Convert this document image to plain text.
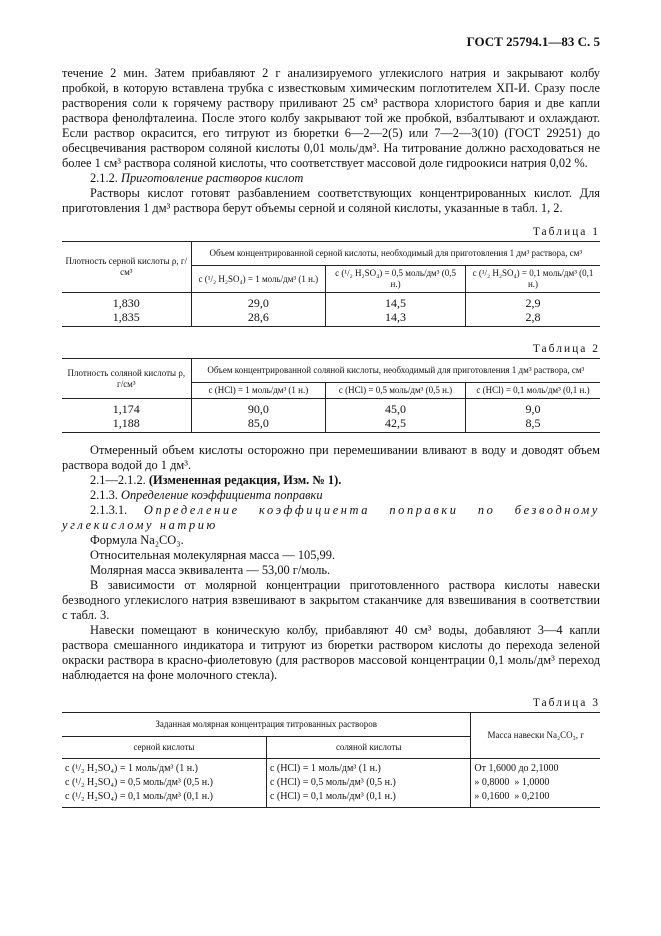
ГОСТ 25794.1—83 С. 5

течение 2 мин. Затем прибавляют 2 г анализируемого углекислого натрия и закрывают колбу пробкой, в которую вставлена трубка с известковым химическим поглотителем ХП-И. Сразу после растворения соли к горячему раствору приливают 25 см³ раствора хлористого бария и две капли раствора фенолфталеина. После этого колбу закрывают той же пробкой, взбалтывают и охлаждают. Если раствор окрасится, его титруют из бюретки 6—2—2(5) или 7—2—3(10) (ГОСТ 29251) до обесцвечивания раствором соляной кислоты 0,01 моль/дм³. На титрование должно расходоваться не более 1 см³ раствора соляной кислоты, что соответствует массовой доле гидроокиси натрия 0,02 %.

2.1.2. Приготовление растворов кислот

Растворы кислот готовят разбавлением соответствующих концентрированных кислот. Для приготовления 1 дм³ раствора берут объемы серной и соляной кислоты, указанные в табл. 1, 2.

Таблица 1
Плотность серной кислоты ρ, г/см³	Объем концентрированной серной кислоты, необходимый для приготовления 1 дм³ раствора, см³		
	c (¹/₂ H₂SO₄) = 1 моль/дм³ (1 н.)	c (¹/₂ H₂SO₄) = 0,5 моль/дм³ (0,5 н.)	c (¹/₂ H₂SO₄) = 0,1 моль/дм³ (0,1 н.)
1,830	29,0	14,5	2,9
1,835	28,6	14,3	2,8
Таблица 2
Плотность соляной кислоты ρ, г/см³	Объем концентрированной соляной кислоты, необходимый для приготовления 1 дм³ раствора, см³		
	c (HCl) = 1 моль/дм³ (1 н.)	c (HCl) = 0,5 моль/дм³ (0,5 н.)	c (HCl) = 0,1 моль/дм³ (0,1 н.)
1,174	90,0	45,0	9,0
1,188	85,0	42,5	8,5

Отмеренный объем кислоты осторожно при перемешивании вливают в воду и доводят объем раствора водой до 1 дм³.

2.1—2.1.2. (Измененная редакция, Изм. № 1).

2.1.3. Определение коэффициента поправки

2.1.3.1. Определение коэффициента поправки по безводному углекислому натрию

Формула Na₂CO₃.

Относительная молекулярная масса — 105,99.

Молярная масса эквивалента — 53,00 г/моль.

В зависимости от молярной концентрации приготовленного раствора кислоты навески безводного углекислого натрия взвешивают в закрытом стаканчике для взвешивания в соответствии с табл. 3.

Навески помещают в коническую колбу, прибавляют 40 см³ воды, добавляют 3—4 капли раствора смешанного индикатора и титруют из бюретки раствором кислоты до перехода зеленой окраски раствора в красно-фиолетовую (для растворов массовой концентрации 0,1 моль/дм³ переход наблюдается на фоне молочного стекла).

Таблица 3
Заданная молярная концентрация титрованных растворов		Масса навески Na₂CO₃, г
серной кислоты	соляной кислоты	
c (¹/₂ H₂SO₄) = 1 моль/дм³ (1 н.)	c (HCl) = 1 моль/дм³ (1 н.)	От 1,6000 до 2,1000
c (¹/₂ H₂SO₄) = 0,5 моль/дм³ (0,5 н.)	c (HCl) = 0,5 моль/дм³ (0,5 н.)	» 0,8000  » 1,0000
c (¹/₂ H₂SO₄) = 0,1 моль/дм³ (0,1 н.)	c (HCl) = 0,1 моль/дм³ (0,1 н.)	» 0,1600  » 0,2100
